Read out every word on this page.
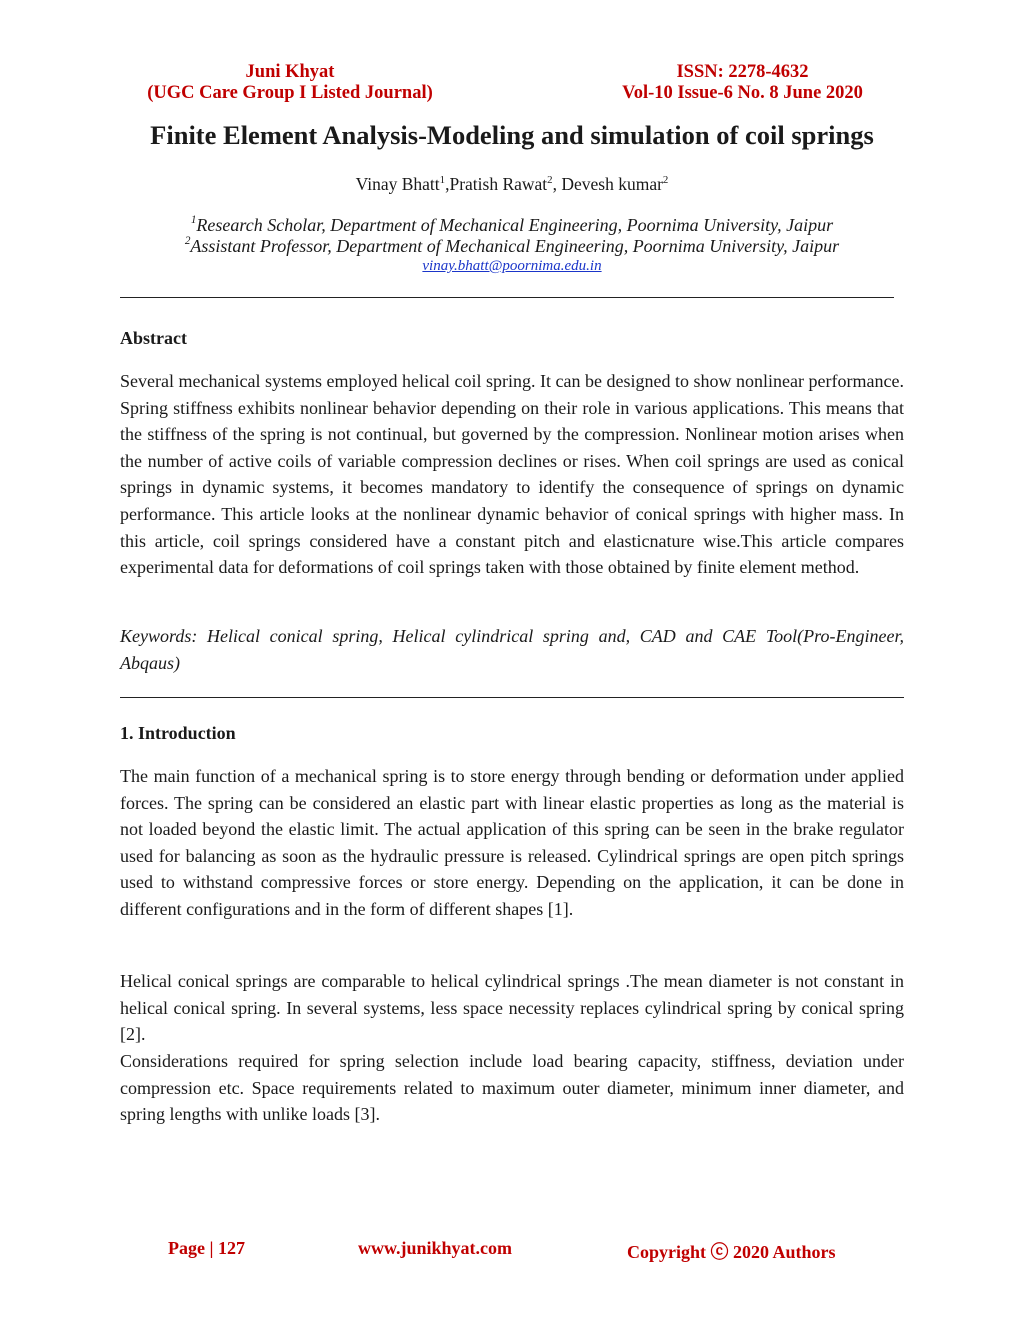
Juni Khyat
(UGC Care Group I Listed Journal)
ISSN: 2278-4632
Vol-10 Issue-6 No. 8 June 2020
Finite Element Analysis-Modeling and simulation of coil springs
Vinay Bhatt$^1$,Pratish Rawat$^2$, Devesh kumar$^2$
$^1$Research Scholar, Department of Mechanical Engineering, Poornima University, Jaipur
$^2$Assistant Professor, Department of Mechanical Engineering, Poornima University, Jaipur
vinay.bhatt@poornima.edu.in
Abstract
Several mechanical systems employed helical coil spring. It can be designed to show nonlinear performance. Spring stiffness exhibits nonlinear behavior depending on their role in various applications. This means that the stiffness of the spring is not continual, but governed by the compression. Nonlinear motion arises when the number of active coils of variable compression declines or rises. When coil springs are used as conical springs in dynamic systems, it becomes mandatory to identify the consequence of springs on dynamic performance. This article looks at the nonlinear dynamic behavior of conical springs with higher mass. In this article, coil springs considered have a constant pitch and elasticnature wise.This article compares experimental data for deformations of coil springs taken with those obtained by finite element method.
Keywords: Helical conical spring, Helical cylindrical spring and, CAD and CAE Tool(Pro-Engineer, Abqaus)
1. Introduction
The main function of a mechanical spring is to store energy through bending or deformation under applied forces. The spring can be considered an elastic part with linear elastic properties as long as the material is not loaded beyond the elastic limit. The actual application of this spring can be seen in the brake regulator used for balancing as soon as the hydraulic pressure is released. Cylindrical springs are open pitch springs used to withstand compressive forces or store energy. Depending on the application, it can be done in different configurations and in the form of different shapes [1].
Helical conical springs are comparable to helical cylindrical springs .The mean diameter is not constant in helical conical spring. In several systems, less space necessity replaces cylindrical spring by conical spring [2].
Considerations required for spring selection include load bearing capacity, stiffness, deviation under compression etc. Space requirements related to maximum outer diameter, minimum inner diameter, and spring lengths with unlike loads [3].
Page | 127	www.junikhyat.com	Copyright ⓒ 2020 Authors
